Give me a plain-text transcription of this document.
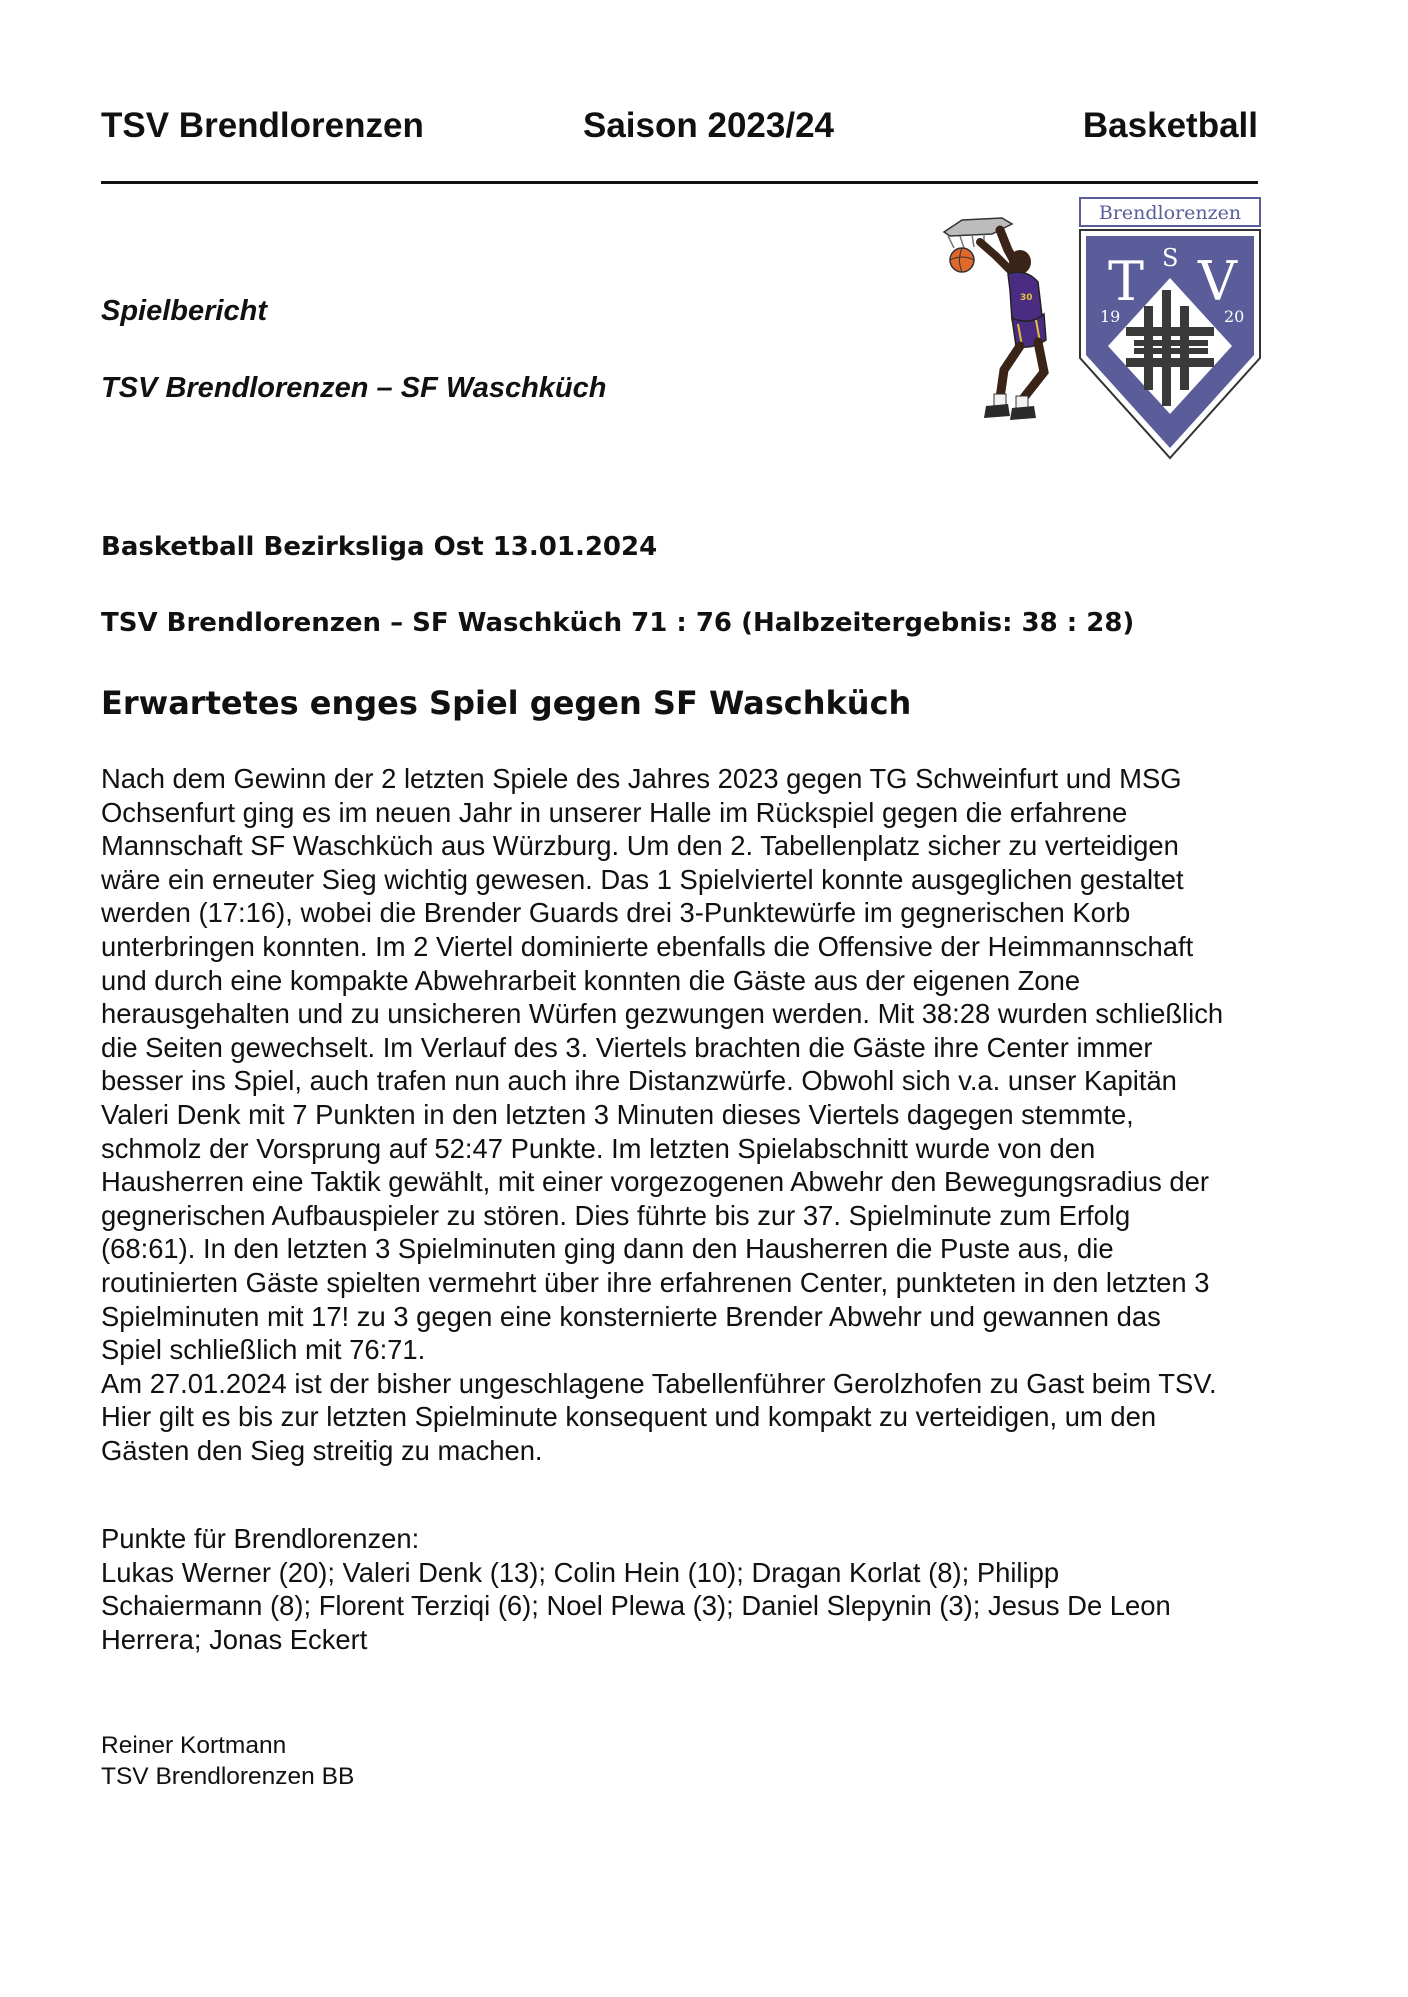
TSV Brendlorenzen	Saison 2023/24	Basketball
30
Brendlorenzen
T S V
19	20
Spielbericht
TSV Brendlorenzen – SF Waschküch
Basketball Bezirksliga Ost 13.01.2024
TSV Brendlorenzen – SF Waschküch 71 : 76 (Halbzeitergebnis: 38 : 28)
Erwartetes enges Spiel gegen SF Waschküch
Nach dem Gewinn der 2 letzten Spiele des Jahres 2023 gegen TG Schweinfurt und MSG
Ochsenfurt ging es im neuen Jahr in unserer Halle im Rückspiel gegen die erfahrene
Mannschaft SF Waschküch aus Würzburg. Um den 2. Tabellenplatz sicher zu verteidigen
wäre ein erneuter Sieg wichtig gewesen. Das 1 Spielviertel konnte ausgeglichen gestaltet
werden (17:16), wobei die Brender Guards drei 3-Punktewürfe im gegnerischen Korb
unterbringen konnten. Im 2 Viertel dominierte ebenfalls die Offensive der Heimmannschaft
und durch eine kompakte Abwehrarbeit konnten die Gäste aus der eigenen Zone
herausgehalten und zu unsicheren Würfen gezwungen werden. Mit 38:28 wurden schließlich
die Seiten gewechselt. Im Verlauf des 3. Viertels brachten die Gäste ihre Center immer
besser ins Spiel, auch trafen nun auch ihre Distanzwürfe. Obwohl sich v.a. unser Kapitän
Valeri Denk mit 7 Punkten in den letzten 3 Minuten dieses Viertels dagegen stemmte,
schmolz der Vorsprung auf 52:47 Punkte. Im letzten Spielabschnitt wurde von den
Hausherren eine Taktik gewählt, mit einer vorgezogenen Abwehr den Bewegungsradius der
gegnerischen Aufbauspieler zu stören. Dies führte bis zur 37. Spielminute zum Erfolg
(68:61). In den letzten 3 Spielminuten ging dann den Hausherren die Puste aus, die
routinierten Gäste spielten vermehrt über ihre erfahrenen Center, punkteten in den letzten 3
Spielminuten mit 17! zu 3 gegen eine konsternierte Brender Abwehr und gewannen das
Spiel schließlich mit 76:71.
Am 27.01.2024 ist der bisher ungeschlagene Tabellenführer Gerolzhofen zu Gast beim TSV.
Hier gilt es bis zur letzten Spielminute konsequent und kompakt zu verteidigen, um den
Gästen den Sieg streitig zu machen.
Punkte für Brendlorenzen:
Lukas Werner (20); Valeri Denk (13); Colin Hein (10); Dragan Korlat (8); Philipp
Schaiermann (8); Florent Terziqi (6); Noel Plewa (3); Daniel Slepynin (3); Jesus De Leon
Herrera; Jonas Eckert
Reiner Kortmann
TSV Brendlorenzen BB
